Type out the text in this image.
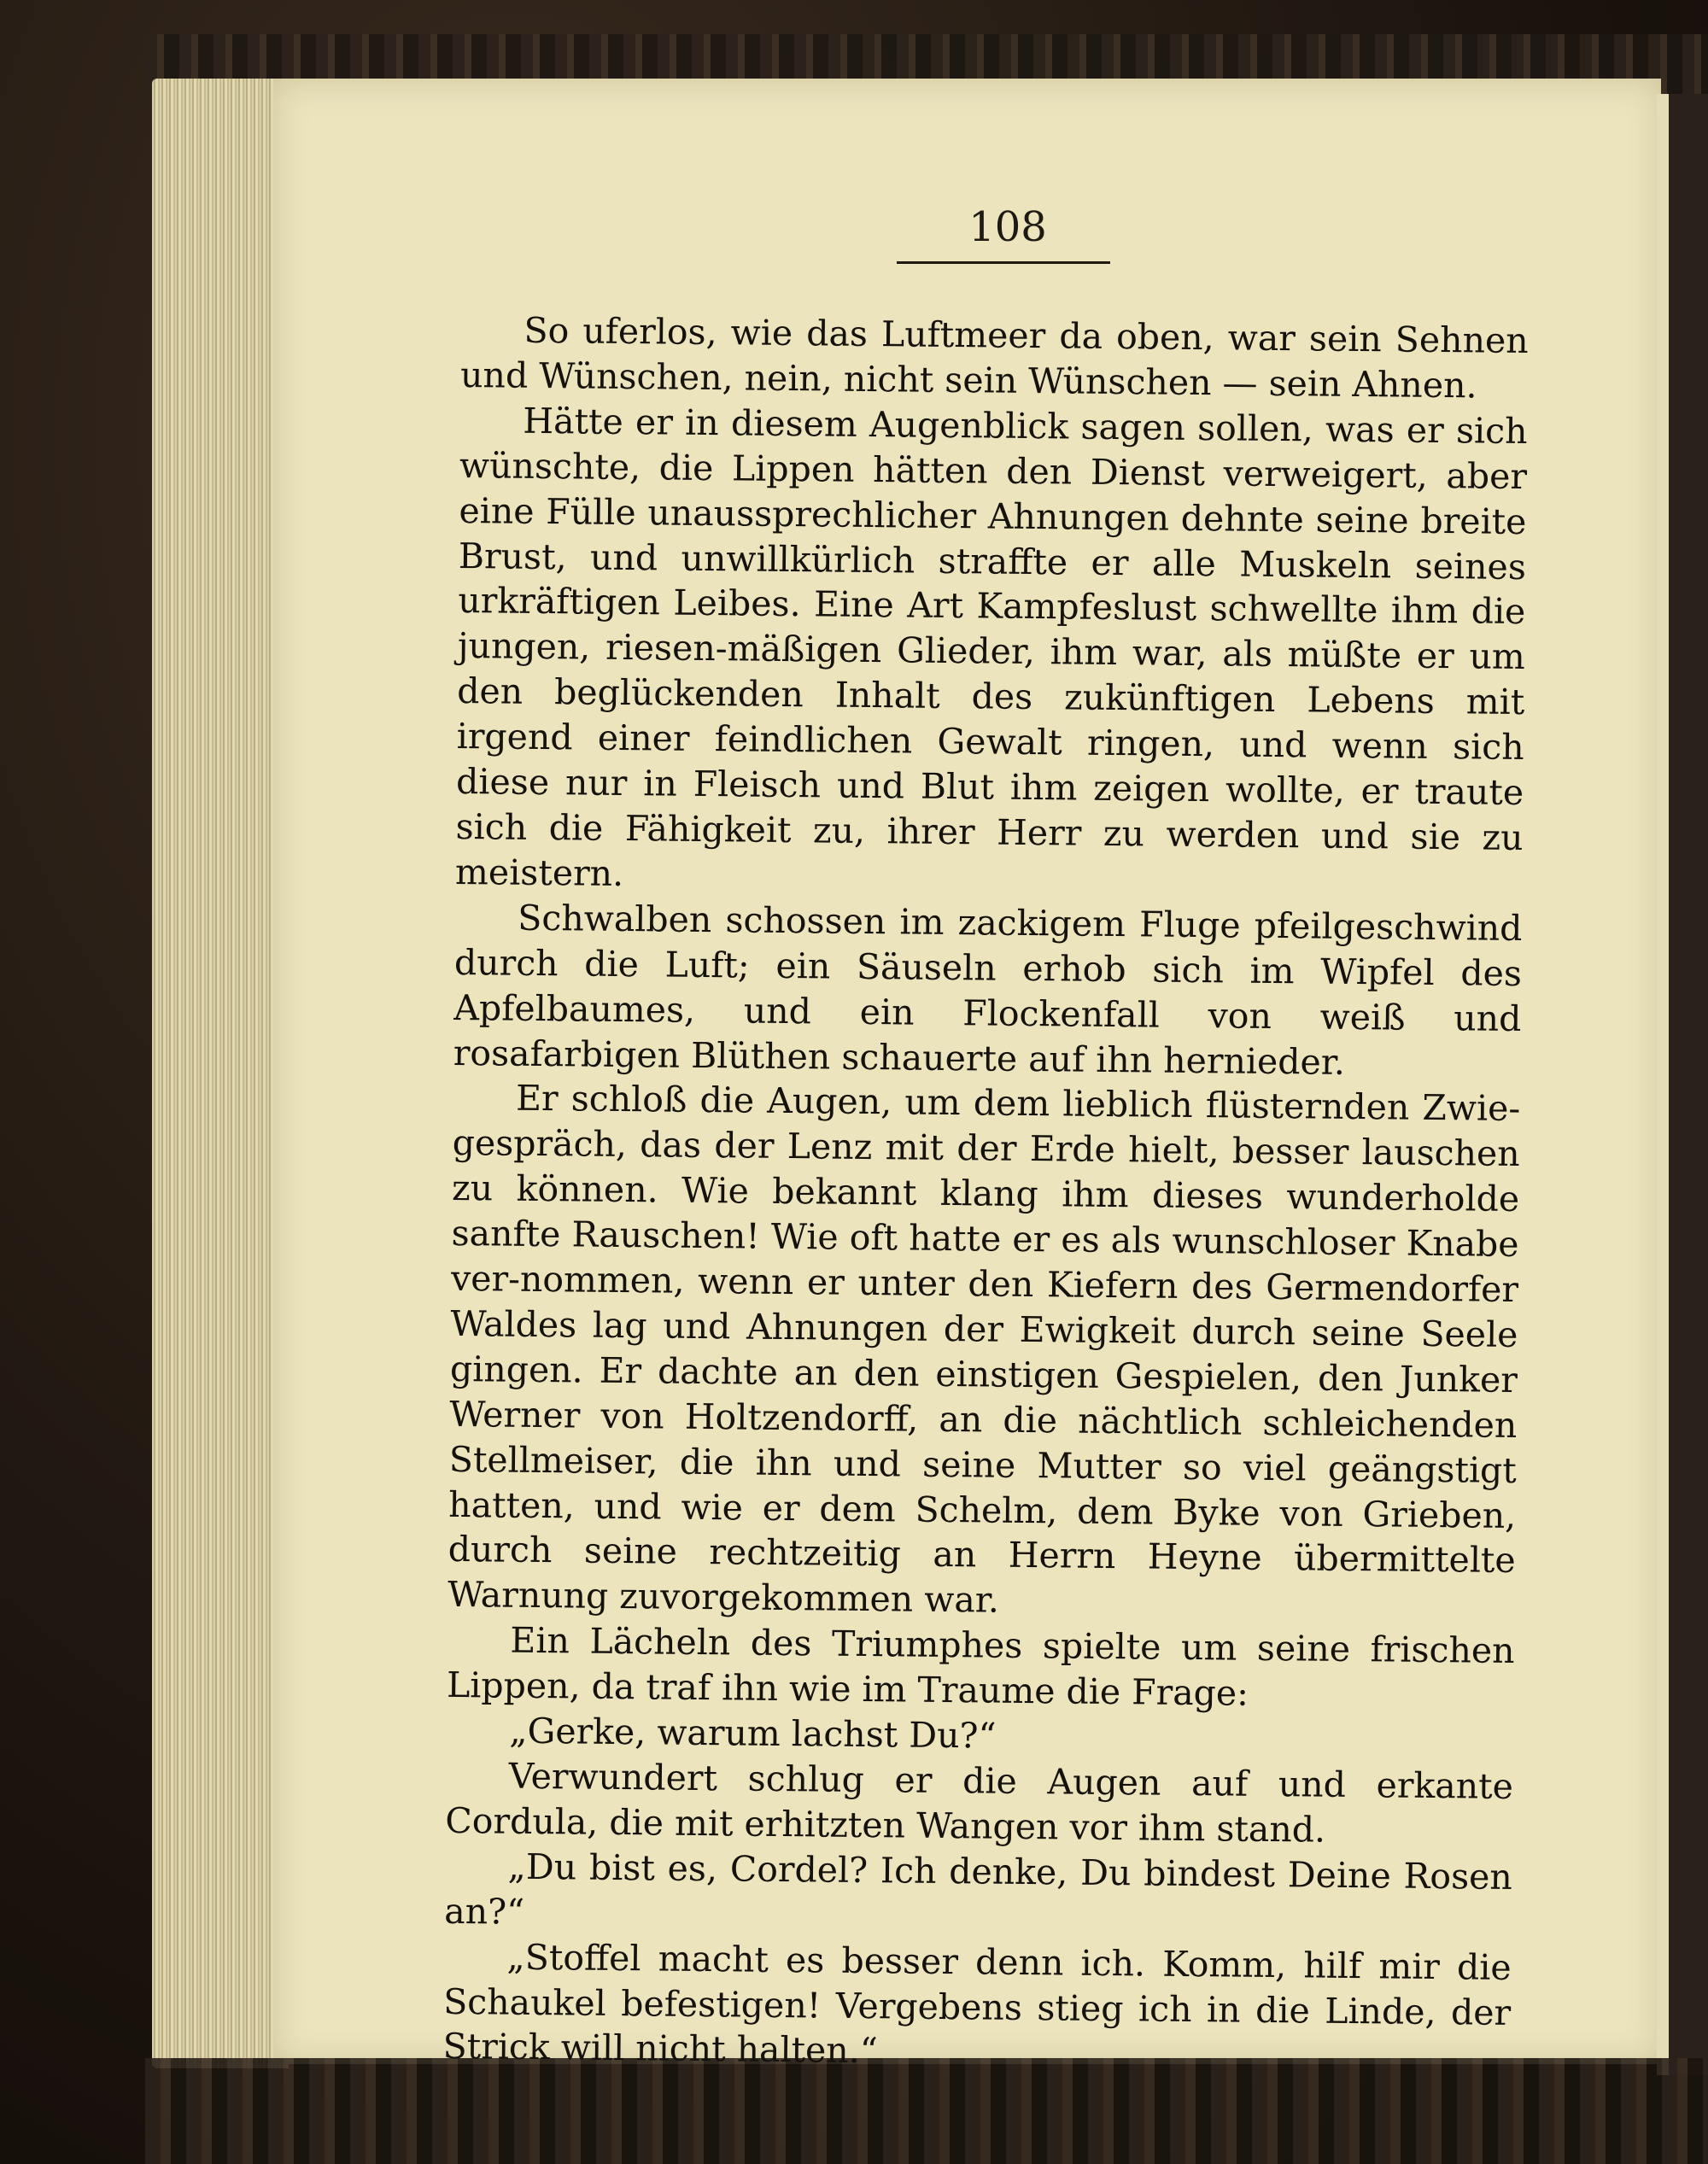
108

So uferlos, wie das Luftmeer da oben, war sein Sehnen und Wünschen, nein, nicht sein Wünschen — sein Ahnen.

Hätte er in diesem Augenblick sagen sollen, was er sich wünschte, die Lippen hätten den Dienst verweigert, aber eine Fülle unaussprechlicher Ahnungen dehnte seine breite Brust, und unwillkürlich straffte er alle Muskeln seines urkräftigen Leibes. Eine Art Kampfeslust schwellte ihm die jungen, riesen-mäßigen Glieder, ihm war, als müßte er um den beglückenden Inhalt des zukünftigen Lebens mit irgend einer feindlichen Gewalt ringen, und wenn sich diese nur in Fleisch und Blut ihm zeigen wollte, er traute sich die Fähigkeit zu, ihrer Herr zu werden und sie zu meistern.

Schwalben schossen im zackigem Fluge pfeilgeschwind durch die Luft; ein Säuseln erhob sich im Wipfel des Apfelbaumes, und ein Flockenfall von weiß und rosafarbigen Blüthen schauerte auf ihn hernieder.

Er schloß die Augen, um dem lieblich flüsternden Zwie-gespräch, das der Lenz mit der Erde hielt, besser lauschen zu können. Wie bekannt klang ihm dieses wunderholde sanfte Rauschen! Wie oft hatte er es als wunschloser Knabe ver-nommen, wenn er unter den Kiefern des Germendorfer Waldes lag und Ahnungen der Ewigkeit durch seine Seele gingen. Er dachte an den einstigen Gespielen, den Junker Werner von Holtzendorff, an die nächtlich schleichenden Stellmeiser, die ihn und seine Mutter so viel geängstigt hatten, und wie er dem Schelm, dem Byke von Grieben, durch seine rechtzeitig an Herrn Heyne übermittelte Warnung zuvorgekommen war.

Ein Lächeln des Triumphes spielte um seine frischen Lippen, da traf ihn wie im Traume die Frage:

„Gerke, warum lachst Du?“

Verwundert schlug er die Augen auf und erkante Cordula, die mit erhitzten Wangen vor ihm stand.

„Du bist es, Cordel? Ich denke, Du bindest Deine Rosen an?“

„Stoffel macht es besser denn ich. Komm, hilf mir die Schaukel befestigen! Vergebens stieg ich in die Linde, der Strick will nicht halten.“
